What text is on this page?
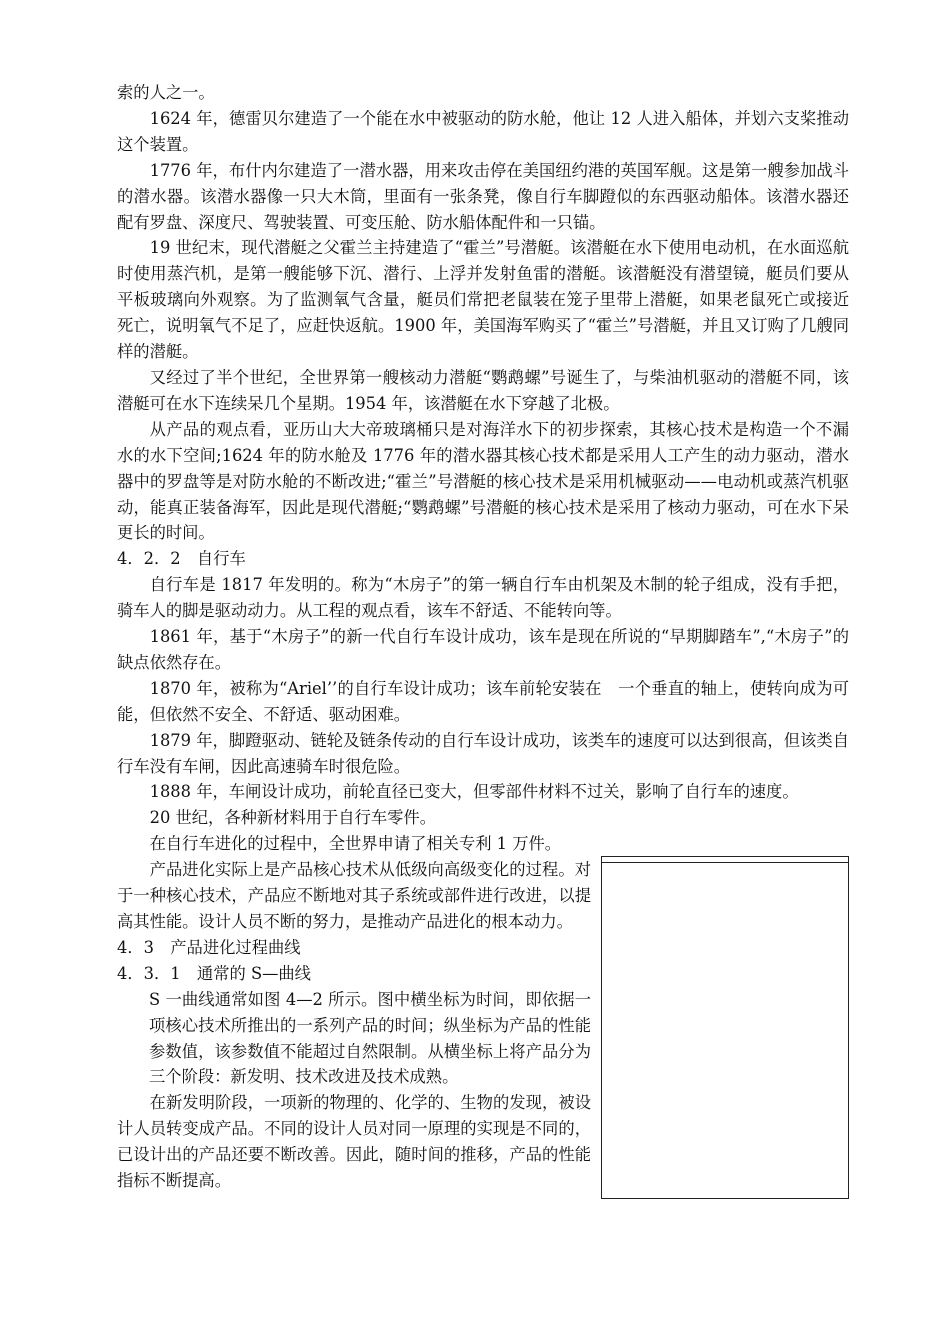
索的人之一。

1624 年，德雷贝尔建造了一个能在水中被驱动的防水舱，他让 12 人进入船体，并划六支桨推动这个装置。

1776 年，布什内尔建造了一潜水器，用来攻击停在美国纽约港的英国军舰。这是第一艘参加战斗的潜水器。该潜水器像一只大木筒，里面有一张条凳，像自行车脚蹬似的东西驱动船体。该潜水器还配有罗盘、深度尺、驾驶装置、可变压舱、防水船体配件和一只锚。

19 世纪末，现代潜艇之父霍兰主持建造了“霍兰”号潜艇。该潜艇在水下使用电动机，在水面巡航时使用蒸汽机，是第一艘能够下沉、潜行、上浮并发射鱼雷的潜艇。该潜艇没有潜望镜，艇员们要从平板玻璃向外观察。为了监测氧气含量，艇员们常把老鼠装在笼子里带上潜艇，如果老鼠死亡或接近死亡，说明氧气不足了，应赶快返航。1900 年，美国海军购买了“霍兰”号潜艇，并且又订购了几艘同样的潜艇。

又经过了半个世纪，全世界第一艘核动力潜艇“鹦鹉螺”号诞生了，与柴油机驱动的潜艇不同，该潜艇可在水下连续呆几个星期。1954 年，该潜艇在水下穿越了北极。

从产品的观点看，亚历山大大帝玻璃桶只是对海洋水下的初步探索，其核心技术是构造一个不漏水的水下空间;1624 年的防水舱及 1776 年的潜水器其核心技术都是采用人工产生的动力驱动，潜水器中的罗盘等是对防水舱的不断改进;“霍兰”号潜艇的核心技术是采用机械驱动——电动机或蒸汽机驱动，能真正装备海军，因此是现代潜艇;“鹦鹉螺”号潜艇的核心技术是采用了核动力驱动，可在水下呆更长的时间。

4．2．2　自行车

自行车是 1817 年发明的。称为“木房子”的第一辆自行车由机架及木制的轮子组成，没有手把，骑车人的脚是驱动动力。从工程的观点看，该车不舒适、不能转向等。

1861 年，基于“木房子”的新一代自行车设计成功，该车是现在所说的“早期脚踏车”,“木房子”的缺点依然存在。

1870 年，被称为“Ariel’’的自行车设计成功；该车前轮安装在　一个垂直的轴上，使转向成为可能，但依然不安全、不舒适、驱动困难。

1879 年，脚蹬驱动、链轮及链条传动的自行车设计成功，该类车的速度可以达到很高，但该类自行车没有车闸，因此高速骑车时很危险。

1888 年，车闸设计成功，前轮直径已变大，但零部件材料不过关，影响了自行车的速度。

20 世纪，各种新材料用于自行车零件。

在自行车进化的过程中，全世界申请了相关专利 1 万件。

产品进化实际上是产品核心技术从低级向高级变化的过程。对于一种核心技术，产品应不断地对其子系统或部件进行改进，以提高其性能。设计人员不断的努力，是推动产品进化的根本动力。

4．3　产品进化过程曲线

4．3．1　通常的 S—曲线

S 一曲线通常如图 4—2 所示。图中横坐标为时间，即依据一项核心技术所推出的一系列产品的时间；纵坐标为产品的性能参数值，该参数值不能超过自然限制。从横坐标上将产品分为三个阶段：新发明、技术改进及技术成熟。

在新发明阶段，一项新的物理的、化学的、生物的发现，被设计人员转变成产品。不同的设计人员对同一原理的实现是不同的，已设计出的产品还要不断改善。因此，随时间的推移，产品的性能指标不断提高。
